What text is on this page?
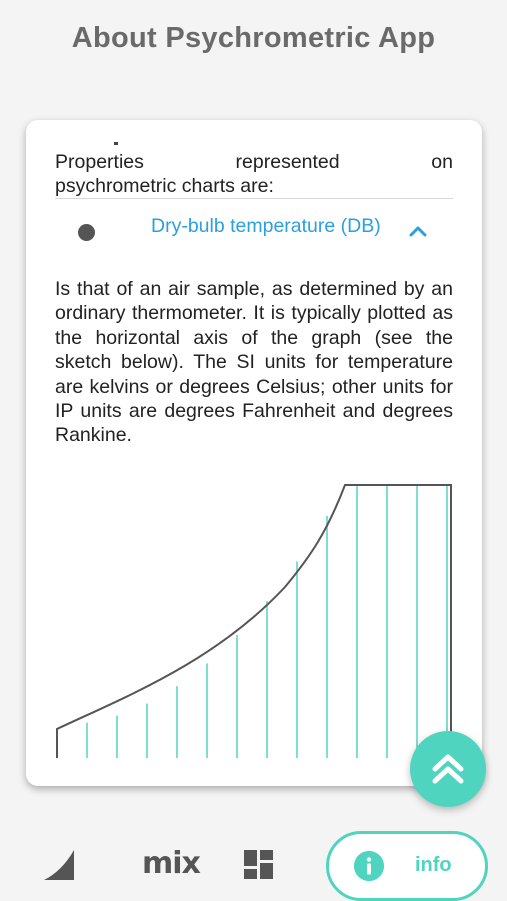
About Psychrometric App
Properties	represented	on
psychrometric charts are:
Dry-bulb temperature (DB)
Is that of an air sample, as determined by an ordinary thermometer. It is typically plotted as the horizontal axis of the graph (see the sketch below). The SI units for temperature are kelvins or degrees Celsius; other units for IP units are degrees Fahrenheit and degrees Rankine.
mix	info
